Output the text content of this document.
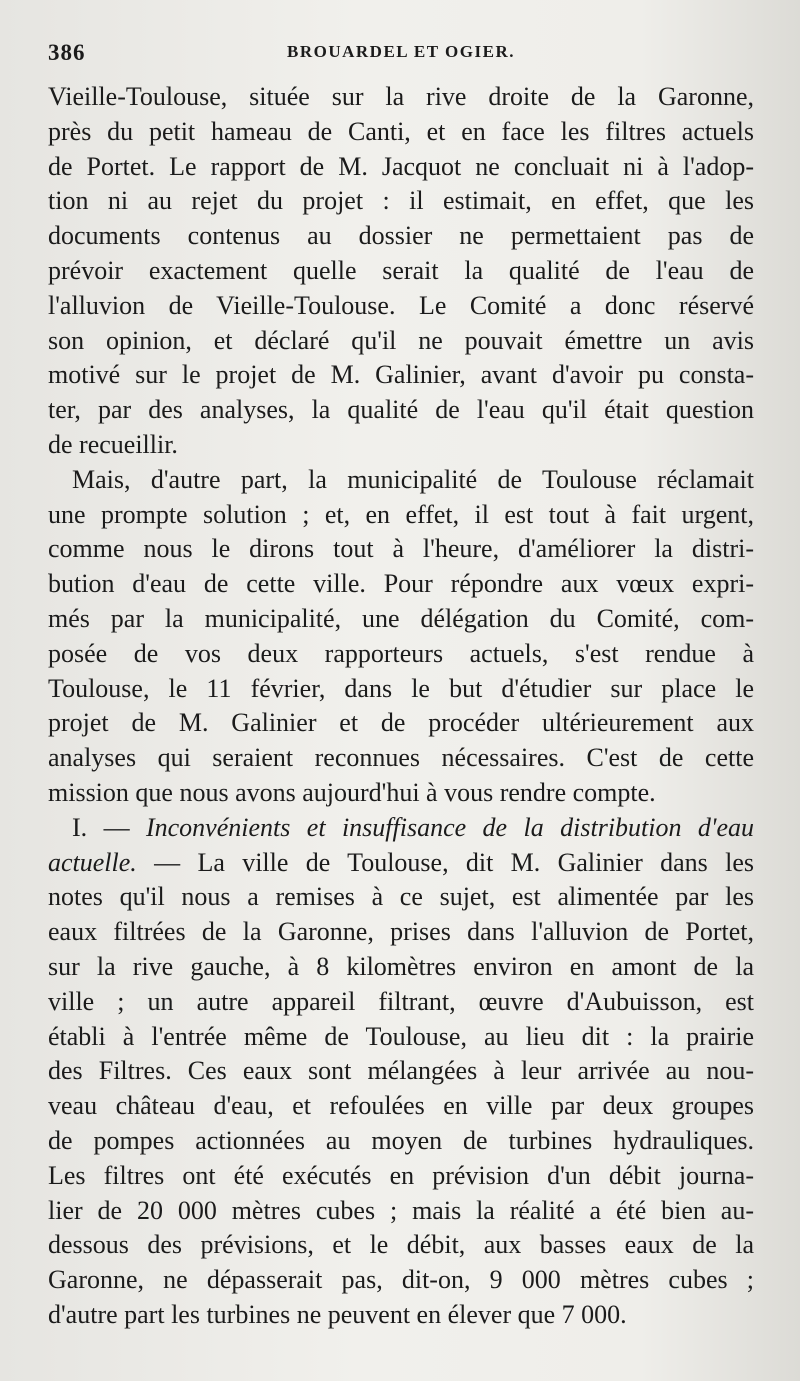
386	BROUARDEL ET OGIER.

Vieille-Toulouse, située sur la rive droite de la Garonne,
près du petit hameau de Canti, et en face les filtres actuels
de Portet. Le rapport de M. Jacquot ne concluait ni à l'adop-
tion ni au rejet du projet : il estimait, en effet, que les
documents contenus au dossier ne permettaient pas de
prévoir exactement quelle serait la qualité de l'eau de
l'alluvion de Vieille-Toulouse. Le Comité a donc réservé
son opinion, et déclaré qu'il ne pouvait émettre un avis
motivé sur le projet de M. Galinier, avant d'avoir pu consta-
ter, par des analyses, la qualité de l'eau qu'il était question
de recueillir.

Mais, d'autre part, la municipalité de Toulouse réclamait
une prompte solution ; et, en effet, il est tout à fait urgent,
comme nous le dirons tout à l'heure, d'améliorer la distri-
bution d'eau de cette ville. Pour répondre aux vœux expri-
més par la municipalité, une délégation du Comité, com-
posée de vos deux rapporteurs actuels, s'est rendue à
Toulouse, le 11 février, dans le but d'étudier sur place le
projet de M. Galinier et de procéder ultérieurement aux
analyses qui seraient reconnues nécessaires. C'est de cette
mission que nous avons aujourd'hui à vous rendre compte.

I. — Inconvénients et insuffisance de la distribution d'eau
actuelle. — La ville de Toulouse, dit M. Galinier dans les
notes qu'il nous a remises à ce sujet, est alimentée par les
eaux filtrées de la Garonne, prises dans l'alluvion de Portet,
sur la rive gauche, à 8 kilomètres environ en amont de la
ville ; un autre appareil filtrant, œuvre d'Aubuisson, est
établi à l'entrée même de Toulouse, au lieu dit : la prairie
des Filtres. Ces eaux sont mélangées à leur arrivée au nou-
veau château d'eau, et refoulées en ville par deux groupes
de pompes actionnées au moyen de turbines hydrauliques.
Les filtres ont été exécutés en prévision d'un débit journa-
lier de 20 000 mètres cubes ; mais la réalité a été bien au-
dessous des prévisions, et le débit, aux basses eaux de la
Garonne, ne dépasserait pas, dit-on, 9 000 mètres cubes ;
d'autre part les turbines ne peuvent en élever que 7 000.
